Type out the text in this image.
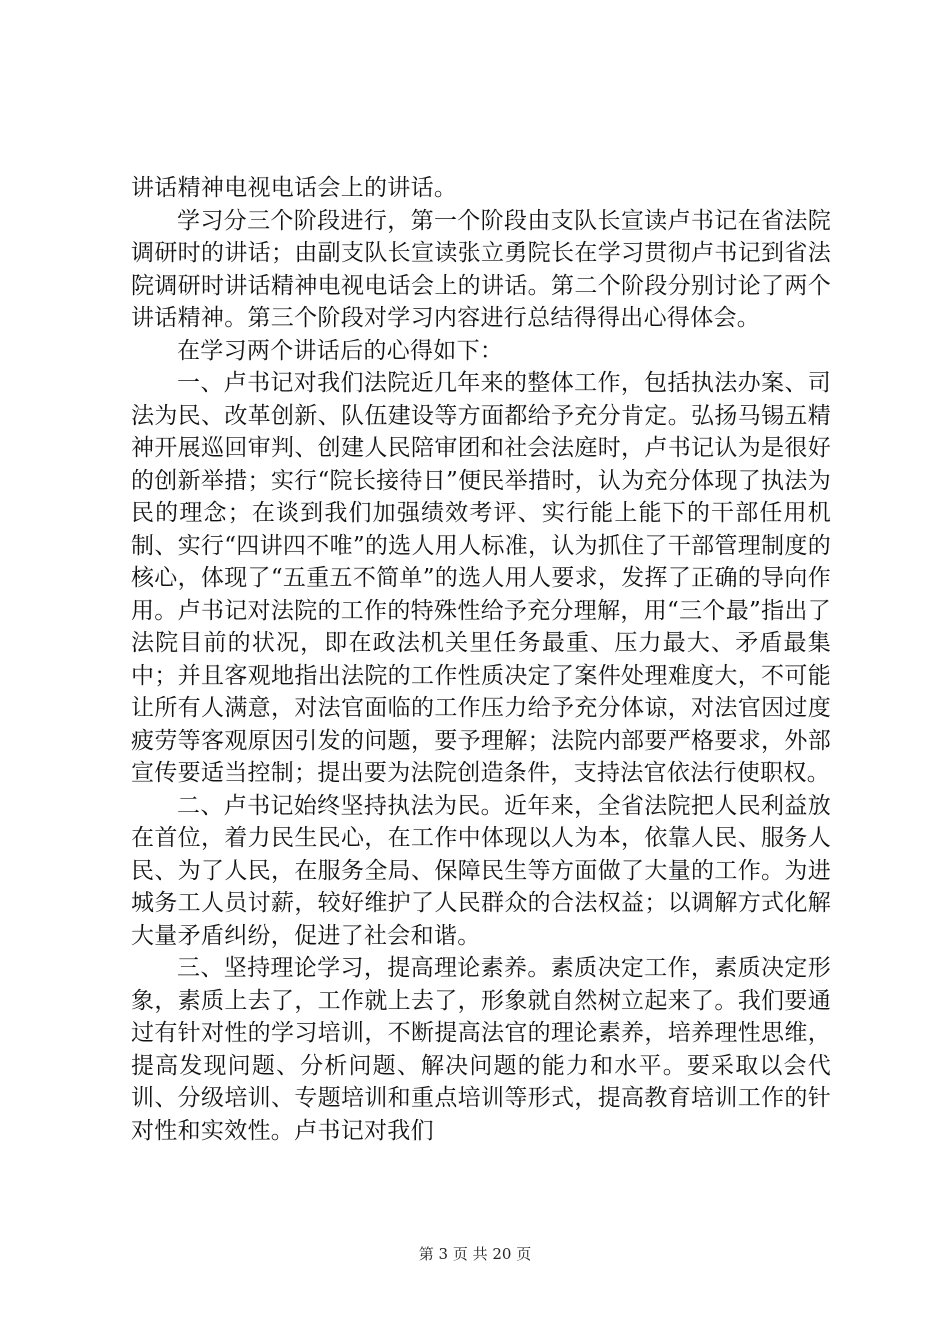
讲话精神电视电话会上的讲话。

学习分三个阶段进行，第一个阶段由支队长宣读卢书记在省法院调研时的讲话；由副支队长宣读张立勇院长在学习贯彻卢书记到省法院调研时讲话精神电视电话会上的讲话。第二个阶段分别讨论了两个讲话精神。第三个阶段对学习内容进行总结得得出心得体会。

在学习两个讲话后的心得如下：

一、卢书记对我们法院近几年来的整体工作，包括执法办案、司法为民、改革创新、队伍建设等方面都给予充分肯定。弘扬马锡五精神开展巡回审判、创建人民陪审团和社会法庭时，卢书记认为是很好的创新举措；实行“院长接待日”便民举措时，认为充分体现了执法为民的理念；在谈到我们加强绩效考评、实行能上能下的干部任用机制、实行“四讲四不唯”的选人用人标准，认为抓住了干部管理制度的核心，体现了“五重五不简单”的选人用人要求，发挥了正确的导向作用。卢书记对法院的工作的特殊性给予充分理解，用“三个最”指出了法院目前的状况，即在政法机关里任务最重、压力最大、矛盾最集中；并且客观地指出法院的工作性质决定了案件处理难度大，不可能让所有人满意，对法官面临的工作压力给予充分体谅，对法官因过度疲劳等客观原因引发的问题，要予理解；法院内部要严格要求，外部宣传要适当控制；提出要为法院创造条件，支持法官依法行使职权。

二、卢书记始终坚持执法为民。近年来，全省法院把人民利益放在首位，着力民生民心，在工作中体现以人为本，依靠人民、服务人民、为了人民，在服务全局、保障民生等方面做了大量的工作。为进城务工人员讨薪，较好维护了人民群众的合法权益；以调解方式化解大量矛盾纠纷，促进了社会和谐。

三、坚持理论学习，提高理论素养。素质决定工作，素质决定形象，素质上去了，工作就上去了，形象就自然树立起来了。我们要通过有针对性的学习培训，不断提高法官的理论素养，培养理性思维，提高发现问题、分析问题、解决问题的能力和水平。要采取以会代训、分级培训、专题培训和重点培训等形式，提高教育培训工作的针对性和实效性。卢书记对我们

第 3 页 共 20 页
